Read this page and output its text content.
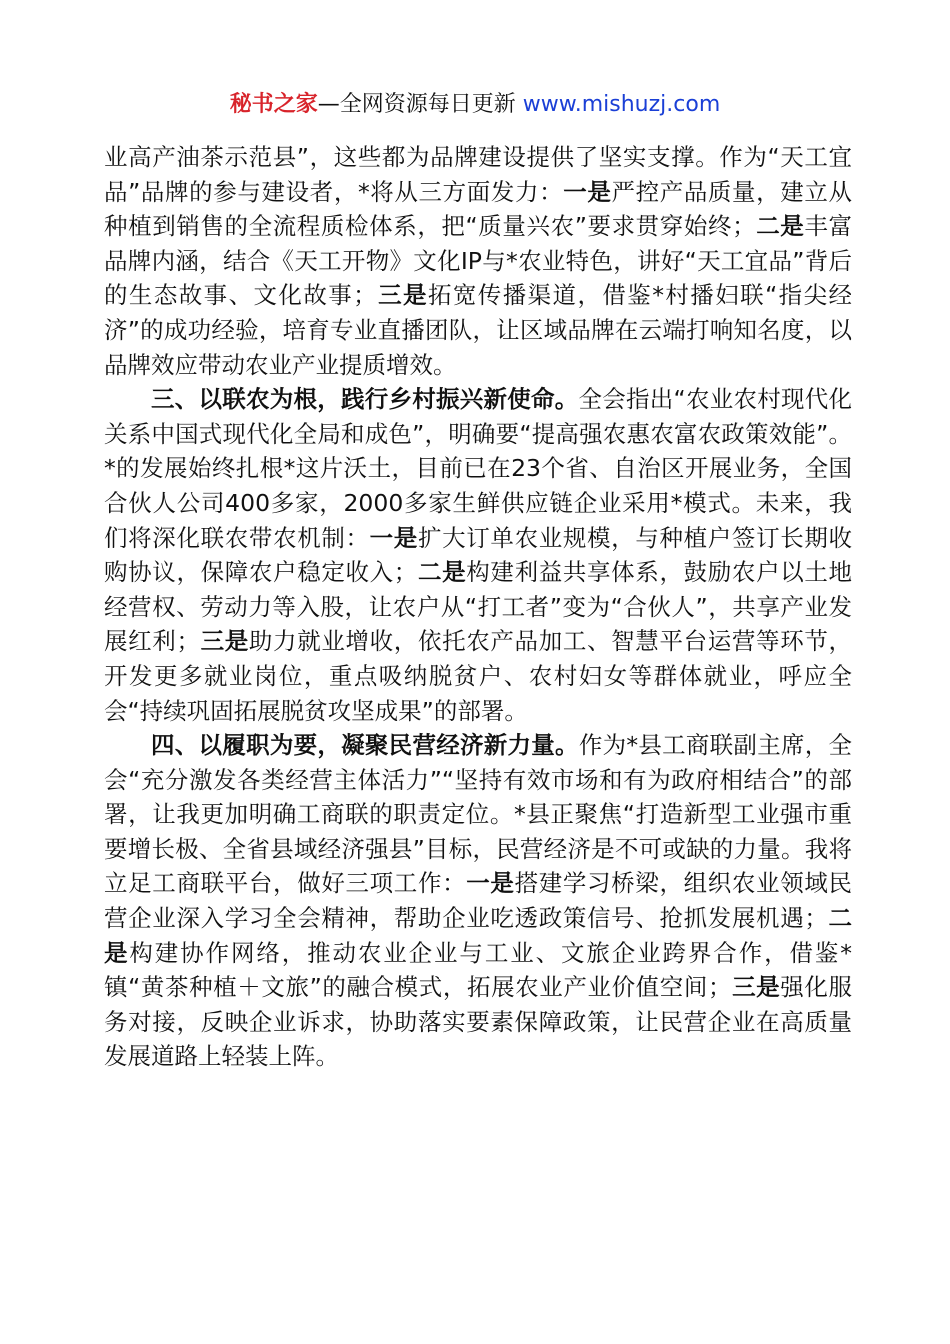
秘书之家—全网资源每日更新 www.mishuzj.com

业高产油茶示范县”，这些都为品牌建设提供了坚实支撑。作为“天工宜品”品牌的参与建设者，*将从三方面发力：一是严控产品质量，建立从种植到销售的全流程质检体系，把“质量兴农”要求贯穿始终；二是丰富品牌内涵，结合《天工开物》文化IP与*农业特色，讲好“天工宜品”背后的生态故事、文化故事；三是拓宽传播渠道，借鉴*村播妇联“指尖经济”的成功经验，培育专业直播团队，让区域品牌在云端打响知名度，以品牌效应带动农业产业提质增效。

三、以联农为根，践行乡村振兴新使命。全会指出“农业农村现代化关系中国式现代化全局和成色”，明确要“提高强农惠农富农政策效能”。*的发展始终扎根*这片沃土，目前已在23个省、自治区开展业务，全国合伙人公司400多家，2000多家生鲜供应链企业采用*模式。未来，我们将深化联农带农机制：一是扩大订单农业规模，与种植户签订长期收购协议，保障农户稳定收入；二是构建利益共享体系，鼓励农户以土地经营权、劳动力等入股，让农户从“打工者”变为“合伙人”，共享产业发展红利；三是助力就业增收，依托农产品加工、智慧平台运营等环节，开发更多就业岗位，重点吸纳脱贫户、农村妇女等群体就业，呼应全会“持续巩固拓展脱贫攻坚成果”的部署。

四、以履职为要，凝聚民营经济新力量。作为*县工商联副主席，全会“充分激发各类经营主体活力”“坚持有效市场和有为政府相结合”的部署，让我更加明确工商联的职责定位。*县正聚焦“打造新型工业强市重要增长极、全省县域经济强县”目标，民营经济是不可或缺的力量。我将立足工商联平台，做好三项工作：一是搭建学习桥梁，组织农业领域民营企业深入学习全会精神，帮助企业吃透政策信号、抢抓发展机遇；二是构建协作网络，推动农业企业与工业、文旅企业跨界合作，借鉴*镇“黄茶种植＋文旅”的融合模式，拓展农业产业价值空间；三是强化服务对接，反映企业诉求，协助落实要素保障政策，让民营企业在高质量发展道路上轻装上阵。
